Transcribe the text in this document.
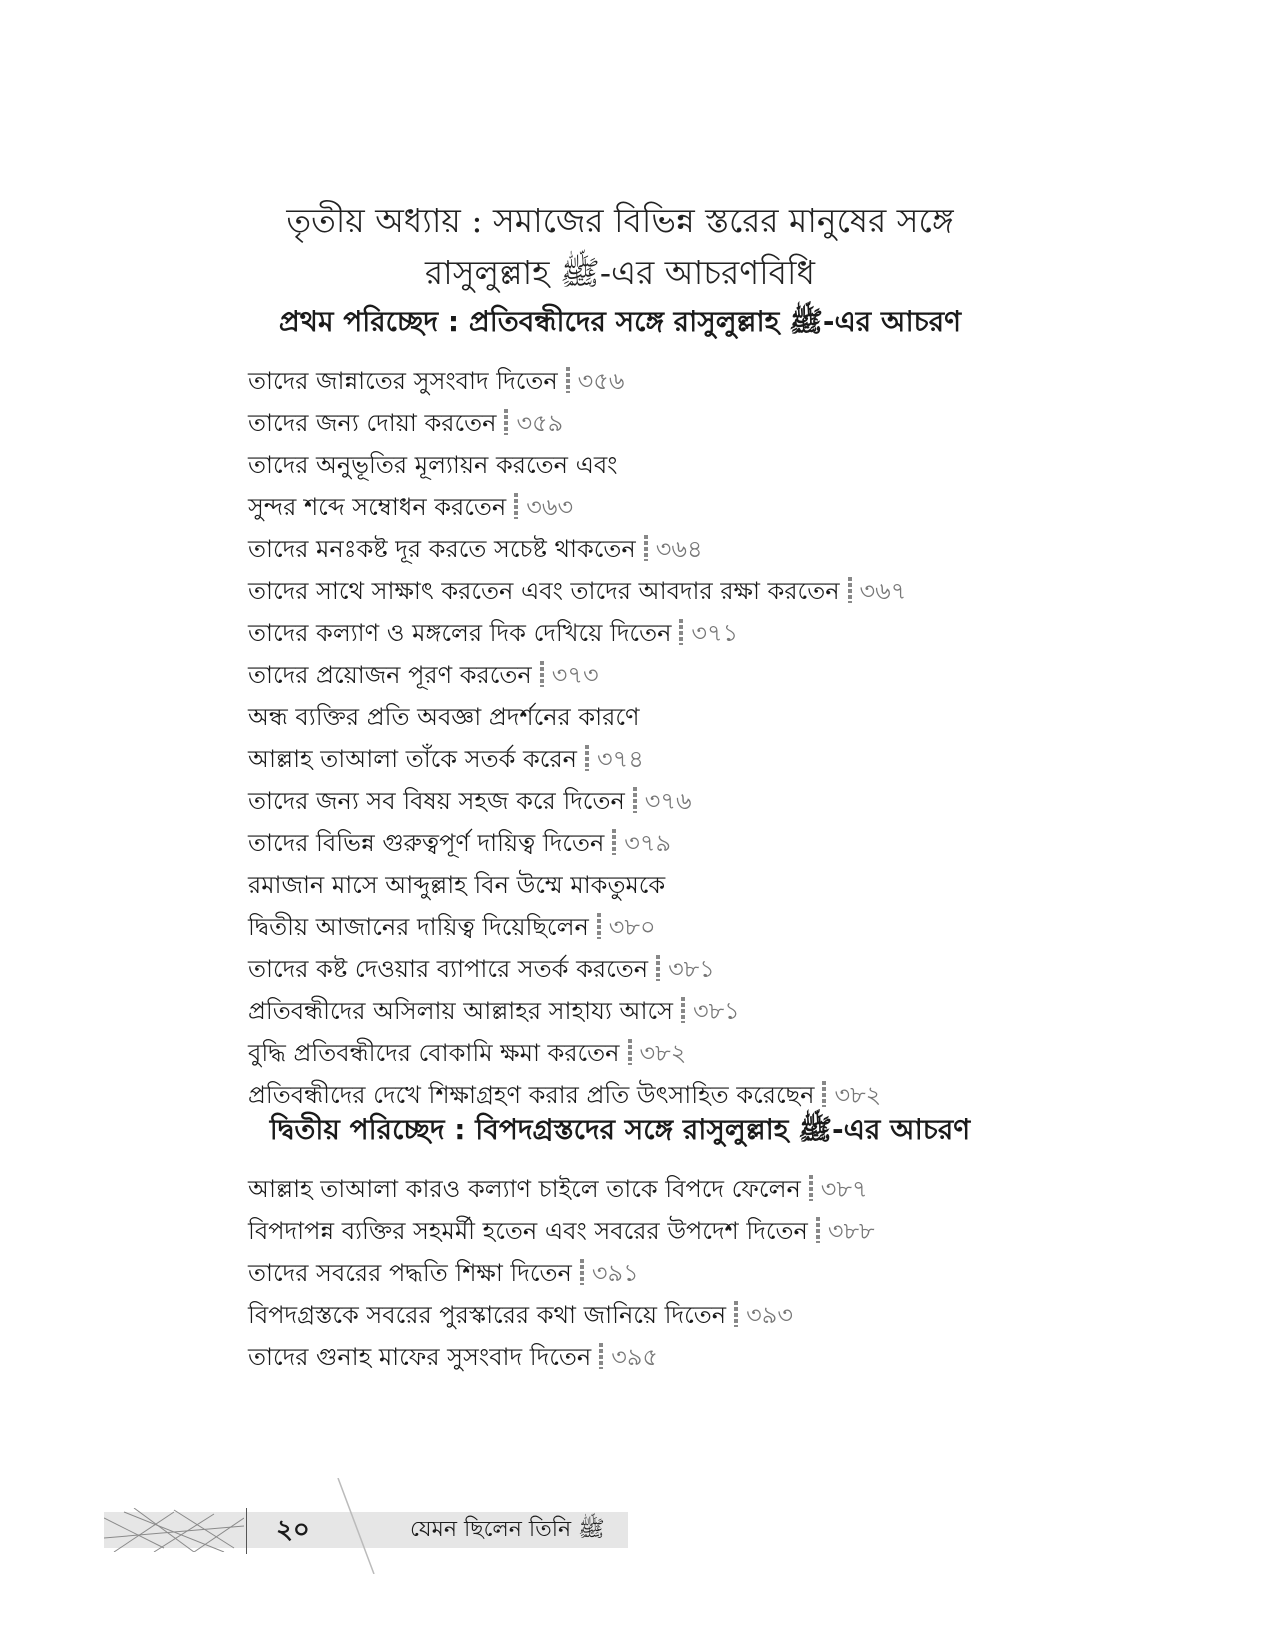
তৃতীয় অধ্যায় : সমাজের বিভিন্ন স্তরের মানুষের সঙ্গে
রাসুলুল্লাহ ﷺ-এর আচরণবিধি
প্রথম পরিচ্ছেদ : প্রতিবন্ধীদের সঙ্গে রাসুলুল্লাহ ﷺ-এর আচরণ
তাদের জান্নাতের সুসংবাদ দিতেন ৩৫৬
তাদের জন্য দোয়া করতেন ৩৫৯
তাদের অনুভূতির মূল্যায়ন করতেন এবং
সুন্দর শব্দে সম্বোধন করতেন ৩৬৩
তাদের মনঃকষ্ট দূর করতে সচেষ্ট থাকতেন ৩৬৪
তাদের সাথে সাক্ষাৎ করতেন এবং তাদের আবদার রক্ষা করতেন ৩৬৭
তাদের কল্যাণ ও মঙ্গলের দিক দেখিয়ে দিতেন ৩৭১
তাদের প্রয়োজন পূরণ করতেন ৩৭৩
অন্ধ ব্যক্তির প্রতি অবজ্ঞা প্রদর্শনের কারণে
আল্লাহ তাআলা তাঁকে সতর্ক করেন ৩৭৪
তাদের জন্য সব বিষয় সহজ করে দিতেন ৩৭৬
তাদের বিভিন্ন গুরুত্বপূর্ণ দায়িত্ব দিতেন ৩৭৯
রমাজান মাসে আব্দুল্লাহ বিন উম্মে মাকতুমকে
দ্বিতীয় আজানের দায়িত্ব দিয়েছিলেন ৩৮০
তাদের কষ্ট দেওয়ার ব্যাপারে সতর্ক করতেন ৩৮১
প্রতিবন্ধীদের অসিলায় আল্লাহর সাহায্য আসে ৩৮১
বুদ্ধি প্রতিবন্ধীদের বোকামি ক্ষমা করতেন ৩৮২
প্রতিবন্ধীদের দেখে শিক্ষাগ্রহণ করার প্রতি উৎসাহিত করেছেন ৩৮২
দ্বিতীয় পরিচ্ছেদ : বিপদগ্রস্তদের সঙ্গে রাসুলুল্লাহ ﷺ-এর আচরণ
আল্লাহ তাআলা কারও কল্যাণ চাইলে তাকে বিপদে ফেলেন ৩৮৭
বিপদাপন্ন ব্যক্তির সহমর্মী হতেন এবং সবরের উপদেশ দিতেন ৩৮৮
তাদের সবরের পদ্ধতি শিক্ষা দিতেন ৩৯১
বিপদগ্রস্তকে সবরের পুরস্কারের কথা জানিয়ে দিতেন ৩৯৩
তাদের গুনাহ মাফের সুসংবাদ দিতেন ৩৯৫
২০	যেমন ছিলেন তিনি ﷺ
